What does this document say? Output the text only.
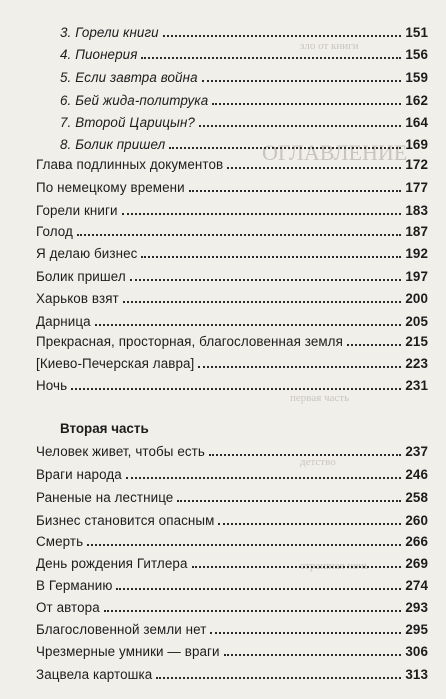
ОГЛАВЛЕНИЕ
зло от книги
первая часть
детство
страшная ночь
3. Горели книги	151
4. Пионерия	156
5. Если завтра война	159
6. Бей жида-политрука	162
7. Второй Царицын?	164
8. Болик пришел	169
Глава подлинных документов	172
По немецкому времени	177
Горели книги	183
Голод	187
Я делаю бизнес	192
Болик пришел	197
Харьков взят	200
Дарница	205
Прекрасная, просторная, благословенная земля	215
[Киево-Печерская лавра]	223
Ночь	231
Вторая часть
Человек живет, чтобы есть	237
Враги народа	246
Раненые на лестнице	258
Бизнес становится опасным	260
Смерть	266
День рождения Гитлера	269
В Германию	274
От автора	293
Благословенной земли нет	295
Чрезмерные умники — враги	306
Зацвела картошка	313
